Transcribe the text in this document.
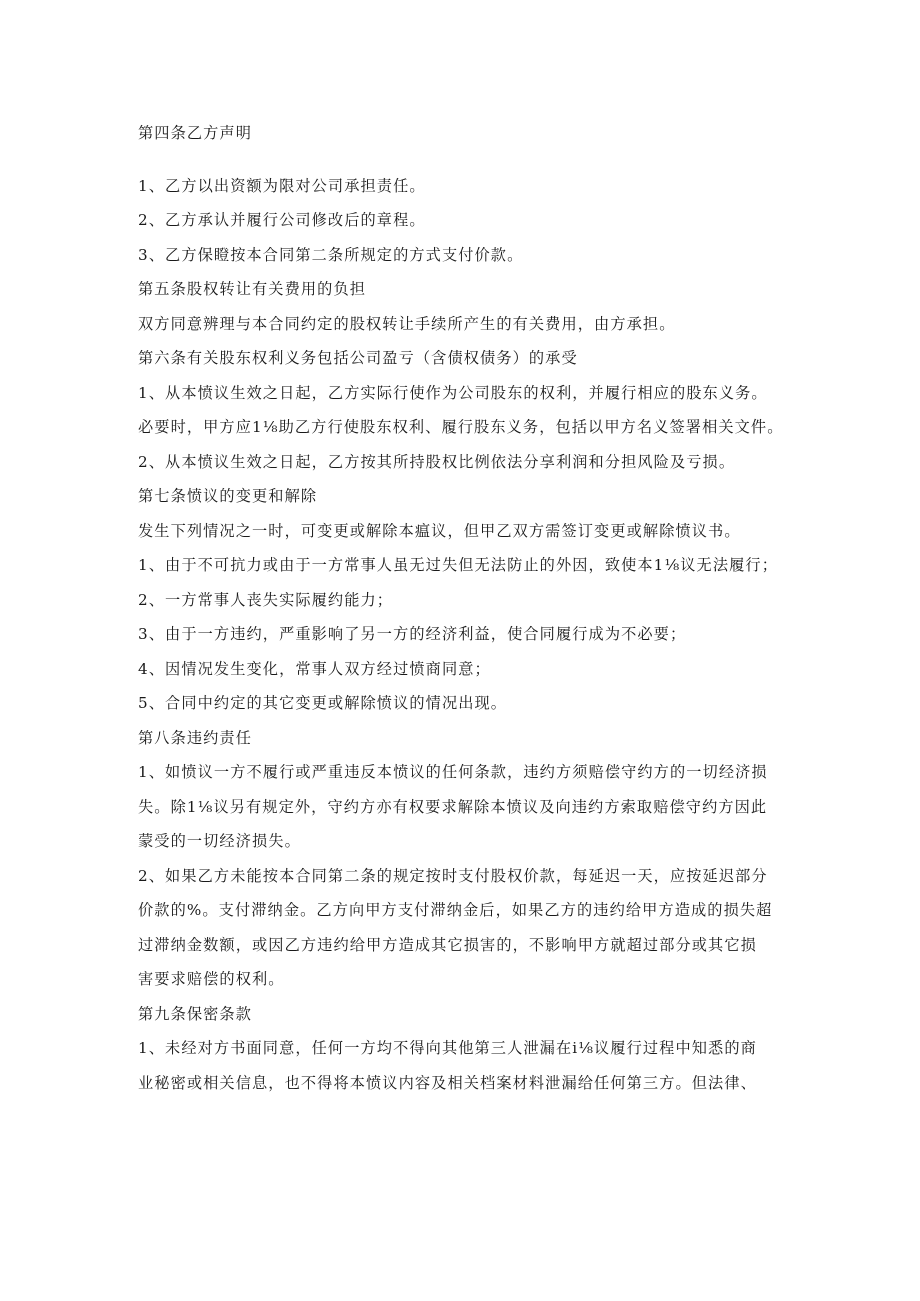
第四条乙方声明
1、乙方以出资额为限对公司承担责任。
2、乙方承认并履行公司修改后的章程。
3、乙方保瞪按本合同第二条所规定的方式支付价款。
第五条股权转让有关费用的负担
双方同意辨理与本合同约定的股权转让手续所产生的有关费用，由方承担。
第六条有关股东权利义务包括公司盈亏（含债权债务）的承受
1、从本愤议生效之日起，乙方实际行使作为公司股东的权利，并履行相应的股东义务。
必要时，甲方应1⅛助乙方行使股东权利、履行股东义务，包括以甲方名义签署相关文件。
2、从本愤议生效之日起，乙方按其所持股权比例依法分享利润和分担风险及亏损。
第七条愤议的变更和解除
发生下列情况之一时，可变更或解除本瘟议，但甲乙双方需签订变更或解除愤议书。
1、由于不可抗力或由于一方常事人虽无过失但无法防止的外因，致使本1⅛议无法履行；
2、一方常事人丧失实际履约能力；
3、由于一方违约，严重影响了另一方的经济利益，使合同履行成为不必要；
4、因情况发生变化，常事人双方经过愤商同意；
5、合同中约定的其它变更或解除愤议的情况出现。
第八条违约责任
1、如愤议一方不履行或严重违反本愤议的任何条款，违约方须赔偿守约方的一切经济损
失。除1⅛议另有规定外，守约方亦有权要求解除本愤议及向违约方索取赔偿守约方因此
蒙受的一切经济损失。
2、如果乙方未能按本合同第二条的规定按时支付股权价款，每延迟一天，应按延迟部分
价款的%。支付滞纳金。乙方向甲方支付滞纳金后，如果乙方的违约给甲方造成的损失超
过滞纳金数额，或因乙方违约给甲方造成其它损害的，不影响甲方就超过部分或其它损
害要求赔偿的权利。
第九条保密条款
1、未经对方书面同意，任何一方均不得向其他第三人泄漏在i⅛议履行过程中知悉的商
业秘密或相关信息，也不得将本愤议内容及相关档案材料泄漏给任何第三方。但法律、
